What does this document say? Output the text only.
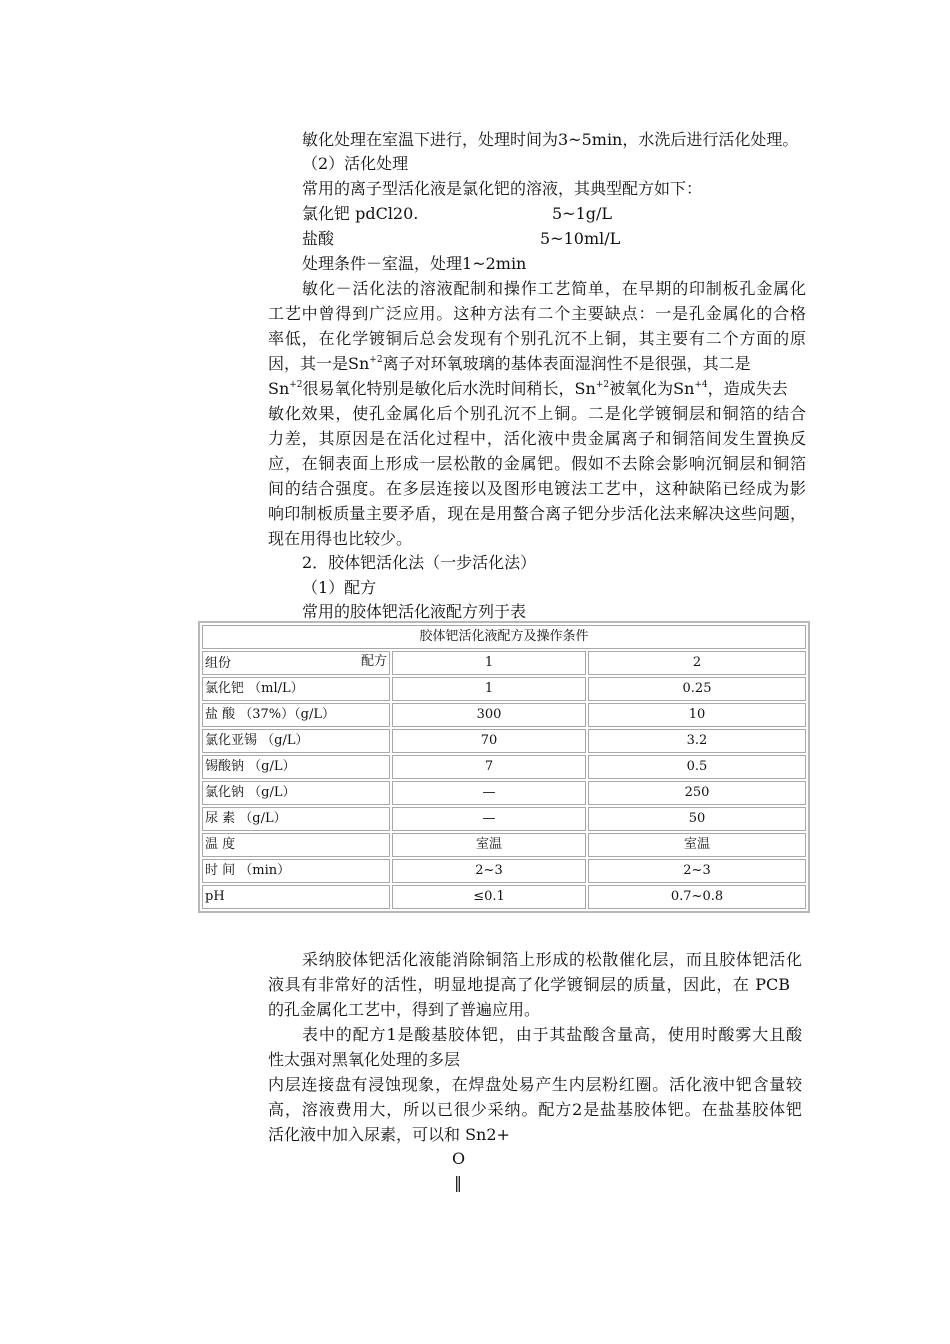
敏化处理在室温下进行，处理时间为3~5min，水洗后进行活化处理。
（2）活化处理
常用的离子型活化液是氯化钯的溶液，其典型配方如下：
氯化钯 pdCl20.	5~1g/L
盐酸	5~10ml/L
处理条件－室温，处理1~2min
敏化－活化法的溶液配制和操作工艺简单，在早期的印制板孔金属化
工艺中曾得到广泛应用。这种方法有二个主要缺点：一是孔金属化的合格
率低，在化学镀铜后总会发现有个别孔沉不上铜，其主要有二个方面的原
因，其一是$Sn^{+2}$离子对环氧玻璃的基体表面湿润性不是很强，其二是
$Sn^{+2}$很易氧化特别是敏化后水洗时间稍长，$Sn^{+2}$被氧化为$Sn^{+4}$，造成失去
敏化效果，使孔金属化后个别孔沉不上铜。二是化学镀铜层和铜箔的结合
力差，其原因是在活化过程中，活化液中贵金属离子和铜箔间发生置换反
应，在铜表面上形成一层松散的金属钯。假如不去除会影响沉铜层和铜箔
间的结合强度。在多层连接以及图形电镀法工艺中，这种缺陷已经成为影
响印制板质量主要矛盾，现在是用螯合离子钯分步活化法来解决这些问题，
现在用得也比较少。
2．胶体钯活化法（一步活化法）
（1）配方
常用的胶体钯活化液配方列于表
胶体钯活化液配方及操作条件		

配方
组份	1	2
氯化钯 （ml/L）	1	0.25
盐 酸 （37%）（g/L）	300	10
氯化亚锡 （g/L）	70	3.2
锡酸钠 （g/L）	7	0.5
氯化钠 （g/L）	—	250
尿 素 （g/L）	—	50
温 度	室温	室温
时 间 （min）	2~3	2~3
pH	≤0.1	0.7~0.8
采纳胶体钯活化液能消除铜箔上形成的松散催化层，而且胶体钯活化
液具有非常好的活性，明显地提高了化学镀铜层的质量，因此，在 PCB
的孔金属化工艺中，得到了普遍应用。
表中的配方1是酸基胶体钯，由于其盐酸含量高，使用时酸雾大且酸
性太强对黑氧化处理的多层
内层连接盘有浸蚀现象，在焊盘处易产生内层粉红圈。活化液中钯含量较
高，溶液费用大，所以已很少采纳。配方2是盐基胶体钯。在盐基胶体钯
活化液中加入尿素，可以和 Sn2+
O
‖
